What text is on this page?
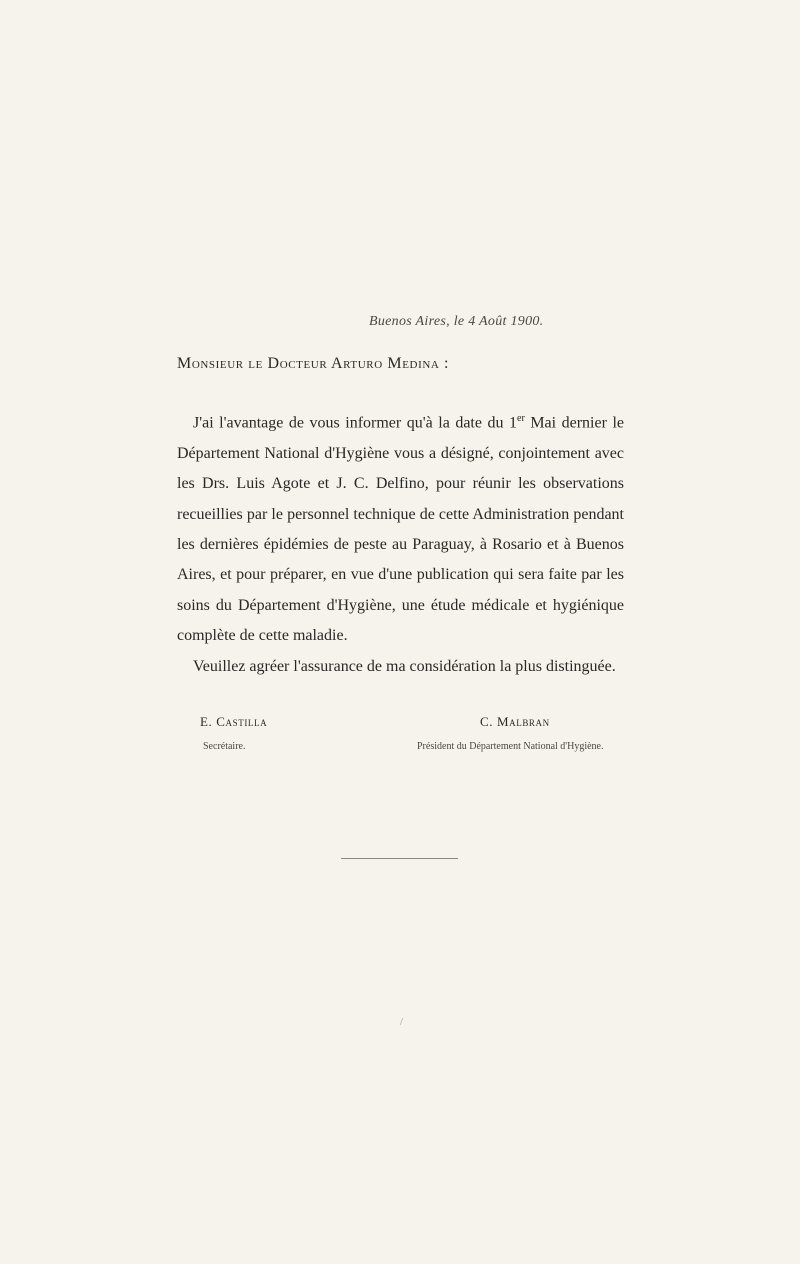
Buenos Aires, le 4 Août 1900.
Monsieur le Docteur Arturo Medina :

J'ai l'avantage de vous informer qu'à la date du 1er Mai dernier le Département National d'Hygiène vous a désigné, conjointement avec les Drs. Luis Agote et J. C. Delfino, pour réunir les observations recueillies par le personnel technique de cette Administration pendant les dernières épidémies de peste au Paraguay, à Rosario et à Buenos Aires, et pour préparer, en vue d'une publication qui sera faite par les soins du Département d'Hygiène, une étude médicale et hygiénique complète de cette maladie.

Veuillez agréer l'assurance de ma considération la plus distinguée.

E. Castilla
Secrétaire.
C. Malbran
Président du Département National d'Hygiène.
/
